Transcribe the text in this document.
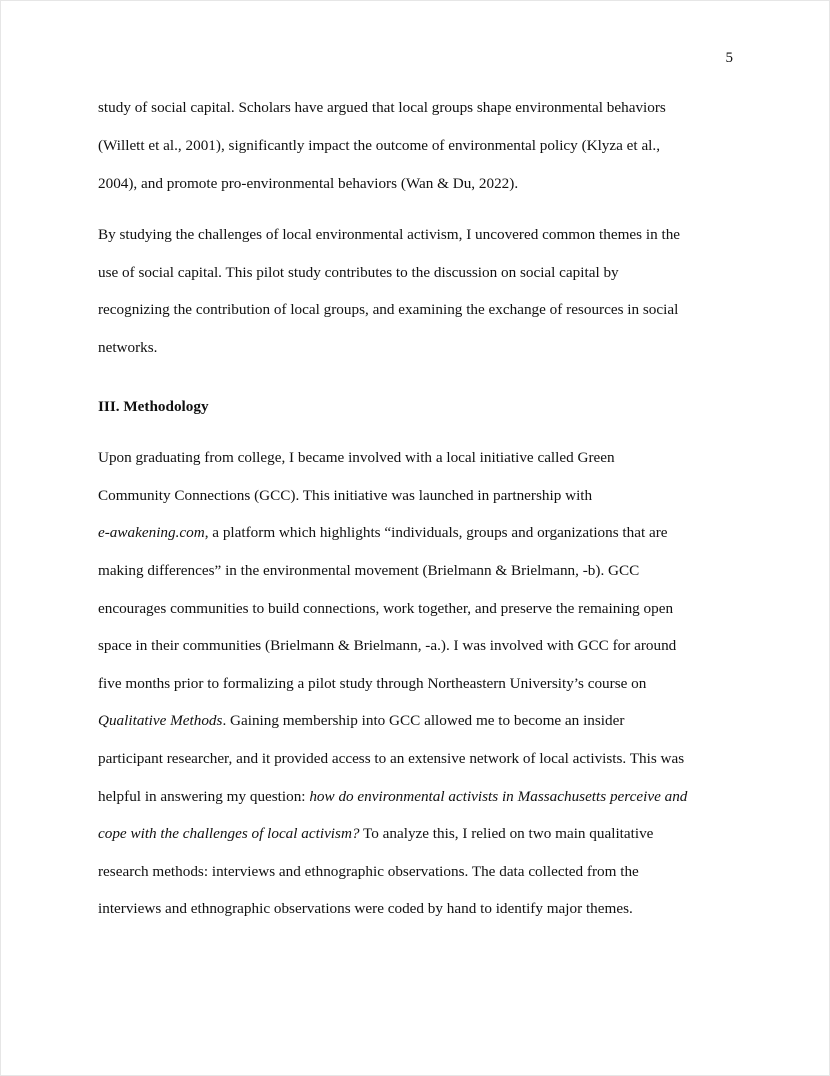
5
study of social capital. Scholars have argued that local groups shape environmental behaviors
(Willett et al., 2001), significantly impact the outcome of environmental policy (Klyza et al.,
2004), and promote pro-environmental behaviors (Wan & Du, 2022).
By studying the challenges of local environmental activism, I uncovered common themes in the
use of social capital. This pilot study contributes to the discussion on social capital by
recognizing the contribution of local groups, and examining the exchange of resources in social
networks.
III. Methodology
Upon graduating from college, I became involved with a local initiative called Green
Community Connections (GCC). This initiative was launched in partnership with
e-awakening.com, a platform which highlights “individuals, groups and organizations that are
making differences” in the environmental movement (Brielmann & Brielmann, -b). GCC
encourages communities to build connections, work together, and preserve the remaining open
space in their communities (Brielmann & Brielmann, -a.). I was involved with GCC for around
five months prior to formalizing a pilot study through Northeastern University’s course on
Qualitative Methods. Gaining membership into GCC allowed me to become an insider
participant researcher, and it provided access to an extensive network of local activists. This was
helpful in answering my question: how do environmental activists in Massachusetts perceive and
cope with the challenges of local activism? To analyze this, I relied on two main qualitative
research methods: interviews and ethnographic observations. The data collected from the
interviews and ethnographic observations were coded by hand to identify major themes.
